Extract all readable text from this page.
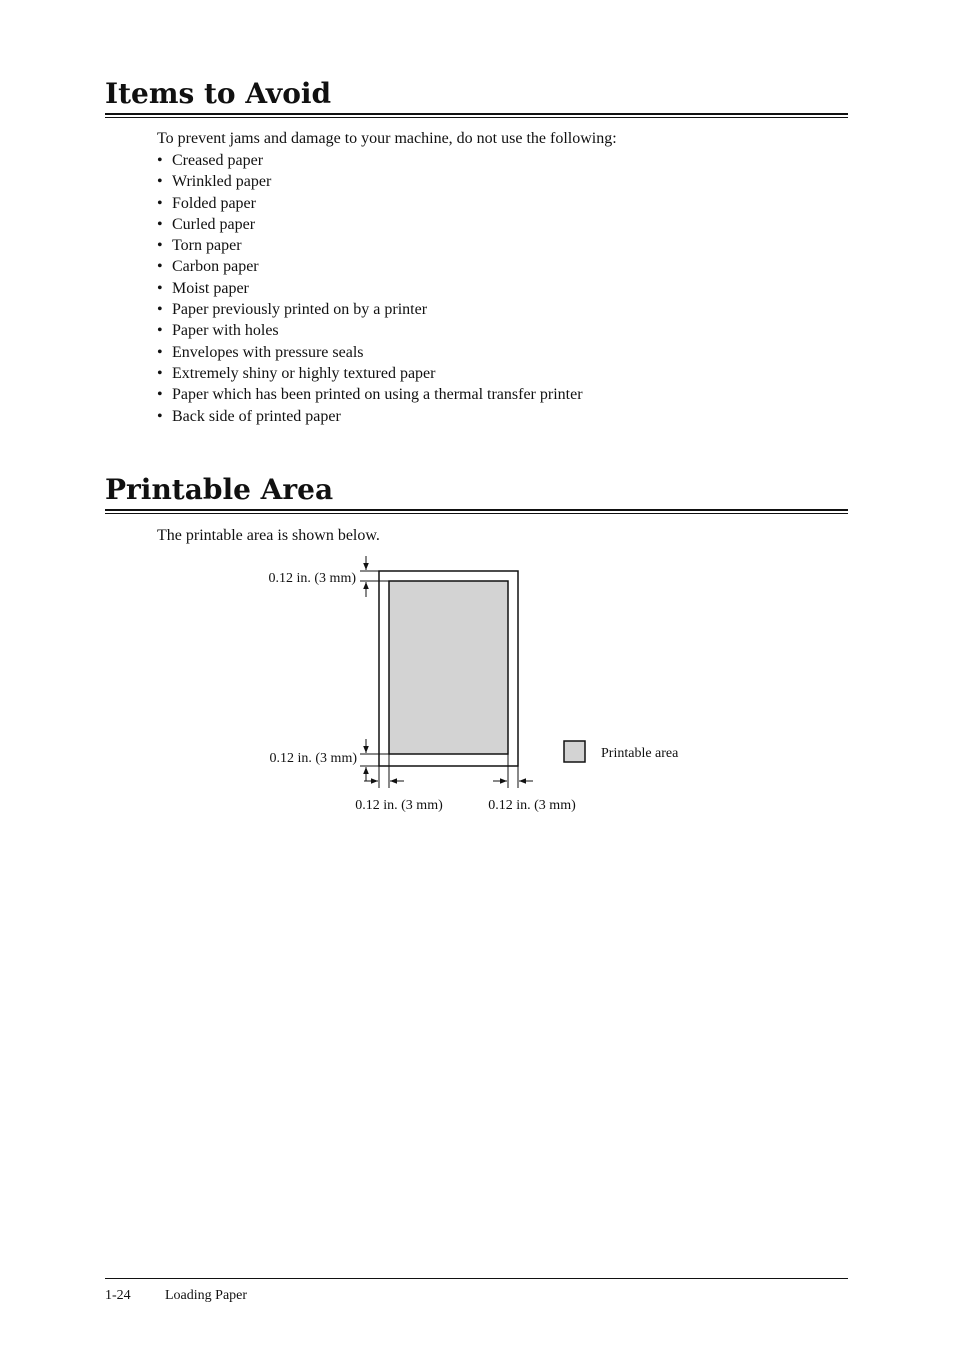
Items to Avoid

To prevent jams and damage to your machine, do not use the following:

• Creased paper
• Wrinkled paper
• Folded paper
• Curled paper
• Torn paper
• Carbon paper
• Moist paper
• Paper previously printed on by a printer
• Paper with holes
• Envelopes with pressure seals
• Extremely shiny or highly textured paper
• Paper which has been printed on using a thermal transfer printer
• Back side of printed paper
Printable Area

The printable area is shown below.

0.12 in. (3 mm)
0.12 in. (3 mm)
0.12 in. (3 mm)	0.12 in. (3 mm)
Printable area

1-24 Loading Paper
